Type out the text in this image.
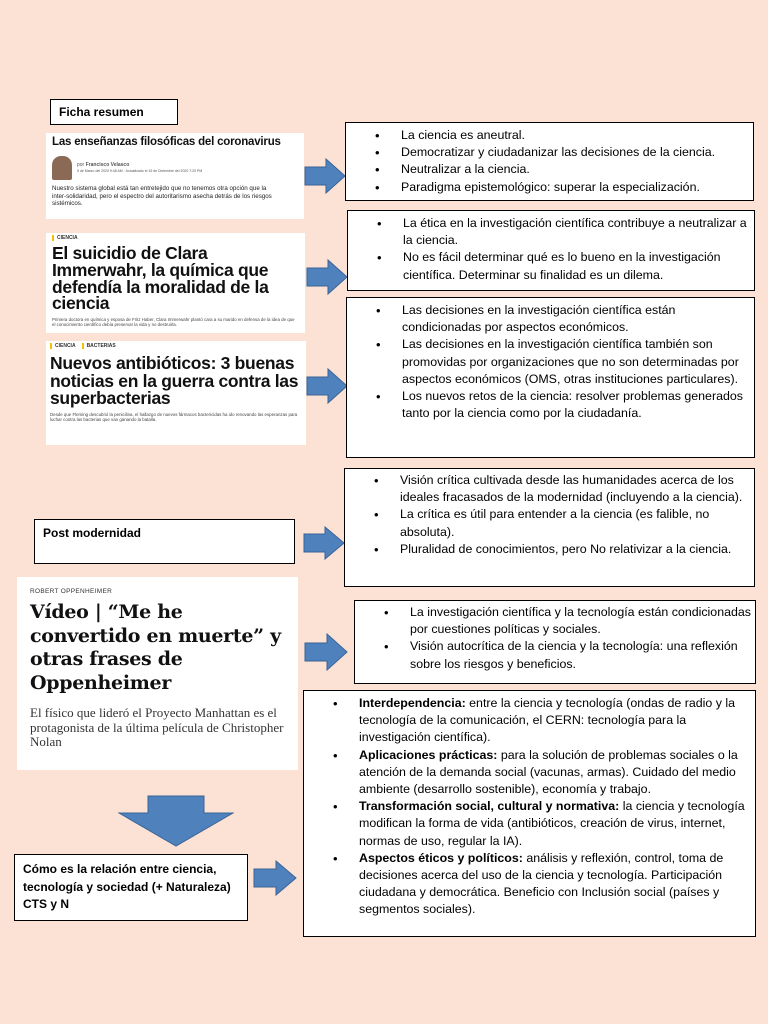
Ficha resumen
Las enseñanzas filosóficas del coronavirus
por Francisco Velasco
5 de Marzo del 2020 9:48 AM · Actualizado el 15 de Diciembre del 2020 7:29 PM
Nuestro sistema global está tan entretejido que no tenemos otra opción que la inter-solidaridad, pero el espectro del autoritarismo asecha detrás de los riesgos sistémicos.
• La ciencia es aneutral.
• Democratizar y ciudadanizar las decisiones de la ciencia.
• Neutralizar a la ciencia.
• Paradigma epistemológico: superar la especialización.
CIENCIA
El suicidio de Clara Immerwahr, la química que defendía la moralidad de la ciencia
Primera doctora en química y esposa de Fritz Haber, Clara Immerwahr plantó cara a su marido en defensa de la idea de que el conocimiento científico debía preservar la vida y no destruirla.
• La ética en la investigación científica contribuye a neutralizar a la ciencia.
• No es fácil determinar qué es lo bueno en la investigación científica. Determinar su finalidad es un dilema.
CIENCIA BACTERIAS
Nuevos antibióticos: 3 buenas noticias en la guerra contra las superbacterias
Desde que Fleming descubrió la penicilina, el hallazgo de nuevos fármacos bactericidas ha ido renovando las esperanzas para luchar contra las bacterias que van ganando la batalla.
• Las decisiones en la investigación científica están condicionadas por aspectos económicos.
• Las decisiones en la investigación científica también son promovidas por organizaciones que no son determinadas por aspectos económicos (OMS, otras instituciones particulares).
• Los nuevos retos de la ciencia: resolver problemas generados tanto por la ciencia como por la ciudadanía.
Post modernidad
• Visión crítica cultivada desde las humanidades acerca de los ideales fracasados de la modernidad (incluyendo a la ciencia).
• La crítica es útil para entender a la ciencia (es falible, no absoluta).
• Pluralidad de conocimientos, pero No relativizar a la ciencia.
ROBERT OPPENHEIMER
Vídeo | “Me he convertido en muerte” y otras frases de Oppenheimer
El físico que lideró el Proyecto Manhattan es el protagonista de la última película de Christopher Nolan
• La investigación científica y la tecnología están condicionadas por cuestiones políticas y sociales.
• Visión autocrítica de la ciencia y la tecnología: una reflexión sobre los riesgos y beneficios.
Cómo es la relación entre ciencia, tecnología y sociedad (+ Naturaleza)
CTS y N
• Interdependencia: entre la ciencia y tecnología (ondas de radio y la tecnología de la comunicación, el CERN: tecnología para la investigación científica).
• Aplicaciones prácticas: para la solución de problemas sociales o la atención de la demanda social (vacunas, armas). Cuidado del medio ambiente (desarrollo sostenible), economía y trabajo.
• Transformación social, cultural y normativa: la ciencia y tecnología modifican la forma de vida (antibióticos, creación de virus, internet, normas de uso, regular la IA).
• Aspectos éticos y políticos: análisis y reflexión, control, toma de decisiones acerca del uso de la ciencia y tecnología. Participación ciudadana y democrática. Beneficio con Inclusión social (países y segmentos sociales).
